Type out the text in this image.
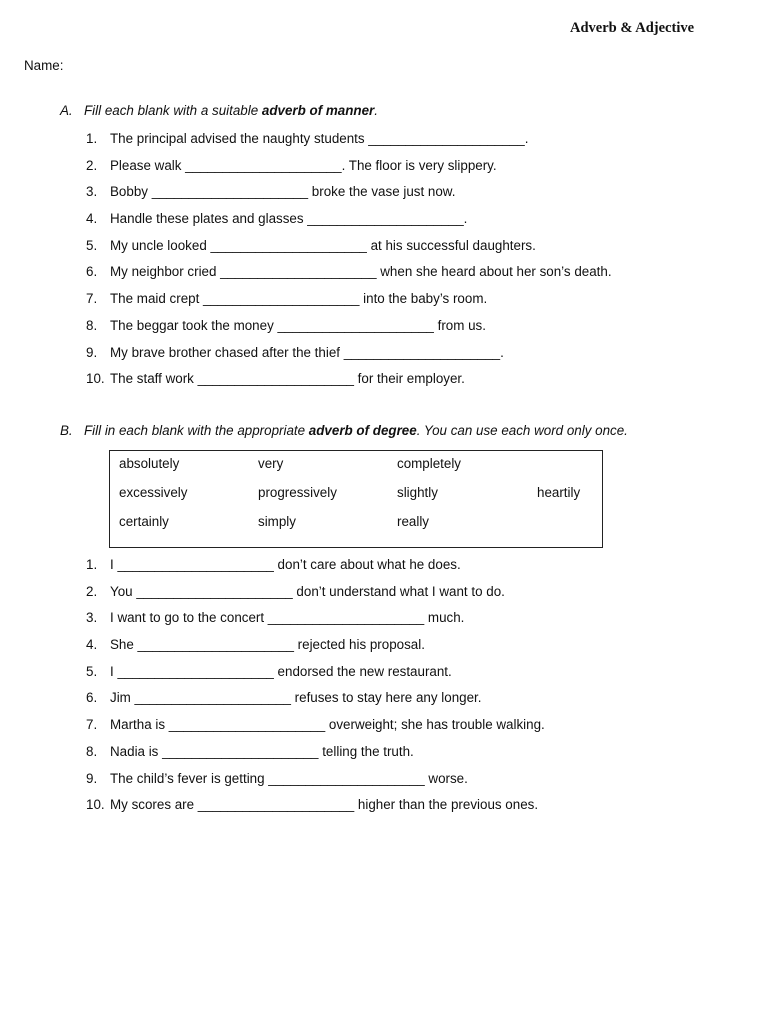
Adverb & Adjective
Name:
A. Fill each blank with a suitable adverb of manner.
1. The principal advised the naughty students _____________________.
2. Please walk _____________________. The floor is very slippery.
3. Bobby _____________________ broke the vase just now.
4. Handle these plates and glasses _____________________.
5. My uncle looked _____________________ at his successful daughters.
6. My neighbor cried _____________________ when she heard about her son’s death.
7. The maid crept _____________________ into the baby’s room.
8. The beggar took the money _____________________ from us.
9. My brave brother chased after the thief _____________________.
10. The staff work _____________________ for their employer.
B. Fill in each blank with the appropriate adverb of degree. You can use each word only once.
absolutely	very	completely
excessively	progressively	slightly	heartily
certainly	simply	really
1. I _____________________ don’t care about what he does.
2. You _____________________ don’t understand what I want to do.
3. I want to go to the concert _____________________ much.
4. She _____________________ rejected his proposal.
5. I _____________________ endorsed the new restaurant.
6. Jim _____________________ refuses to stay here any longer.
7. Martha is _____________________ overweight; she has trouble walking.
8. Nadia is _____________________ telling the truth.
9. The child’s fever is getting _____________________ worse.
10. My scores are _____________________ higher than the previous ones.
